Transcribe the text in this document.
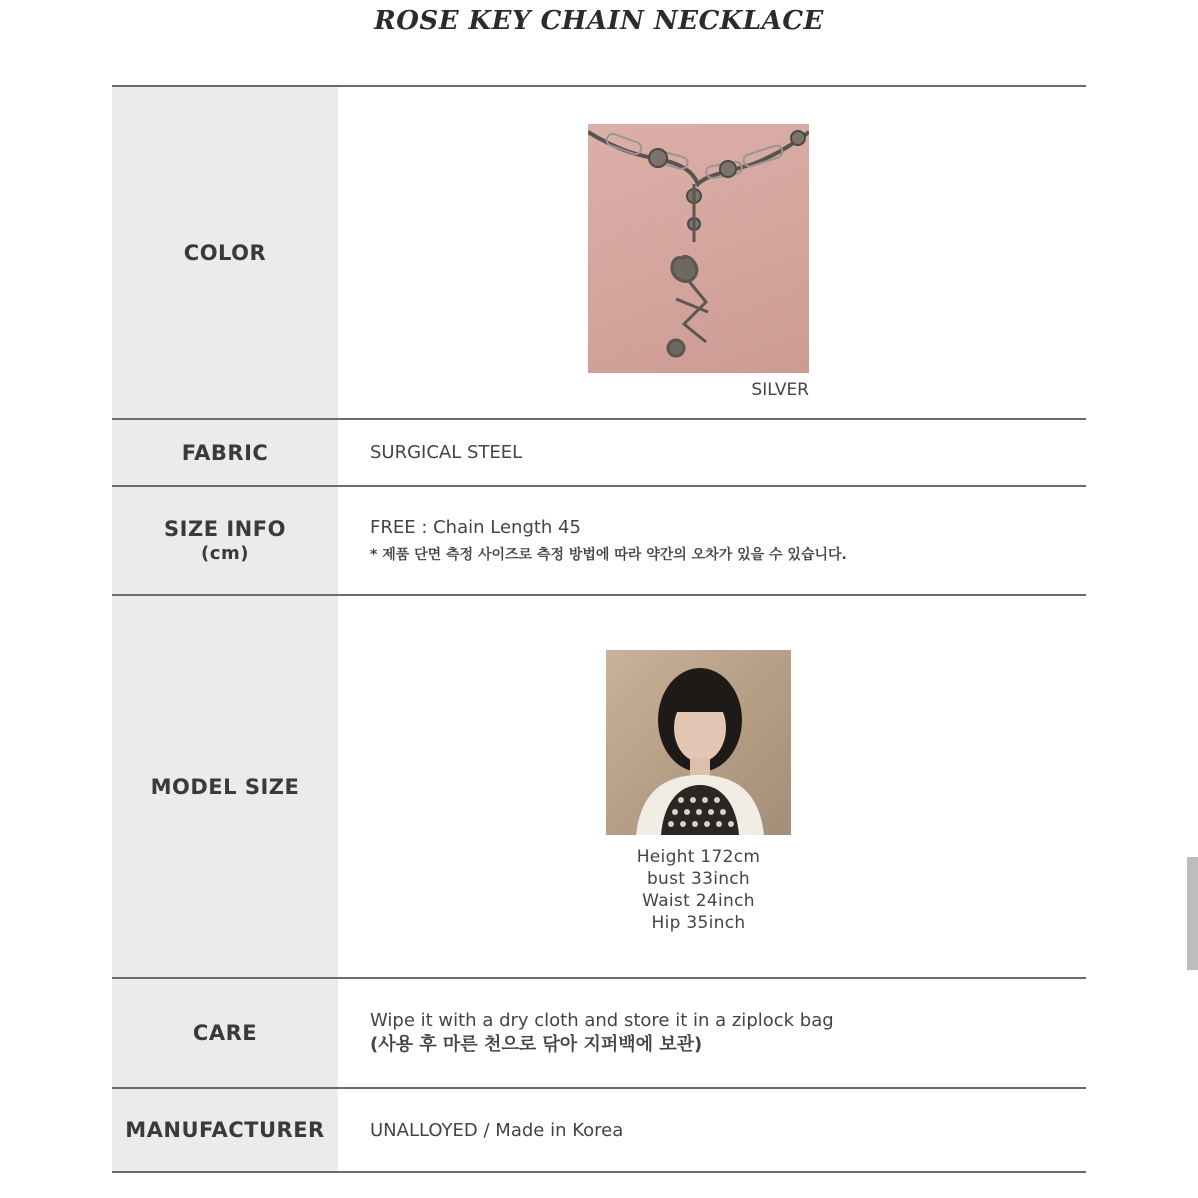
ROSE KEY CHAIN NECKLACE
COLOR
SILVER
FABRIC	SURGICAL STEEL
SIZE INFO
(cm)
FREE : Chain Length 45
* 제품 단면 측정 사이즈로 측정 방법에 따라 약간의 오차가 있을 수 있습니다.
MODEL SIZE
Height 172cm
bust 33inch
Waist 24inch
Hip 35inch
CARE
Wipe it with a dry cloth and store it in a ziplock bag
(사용 후 마른 천으로 닦아 지퍼백에 보관)
MANUFACTURER	UNALLOYED / Made in Korea
